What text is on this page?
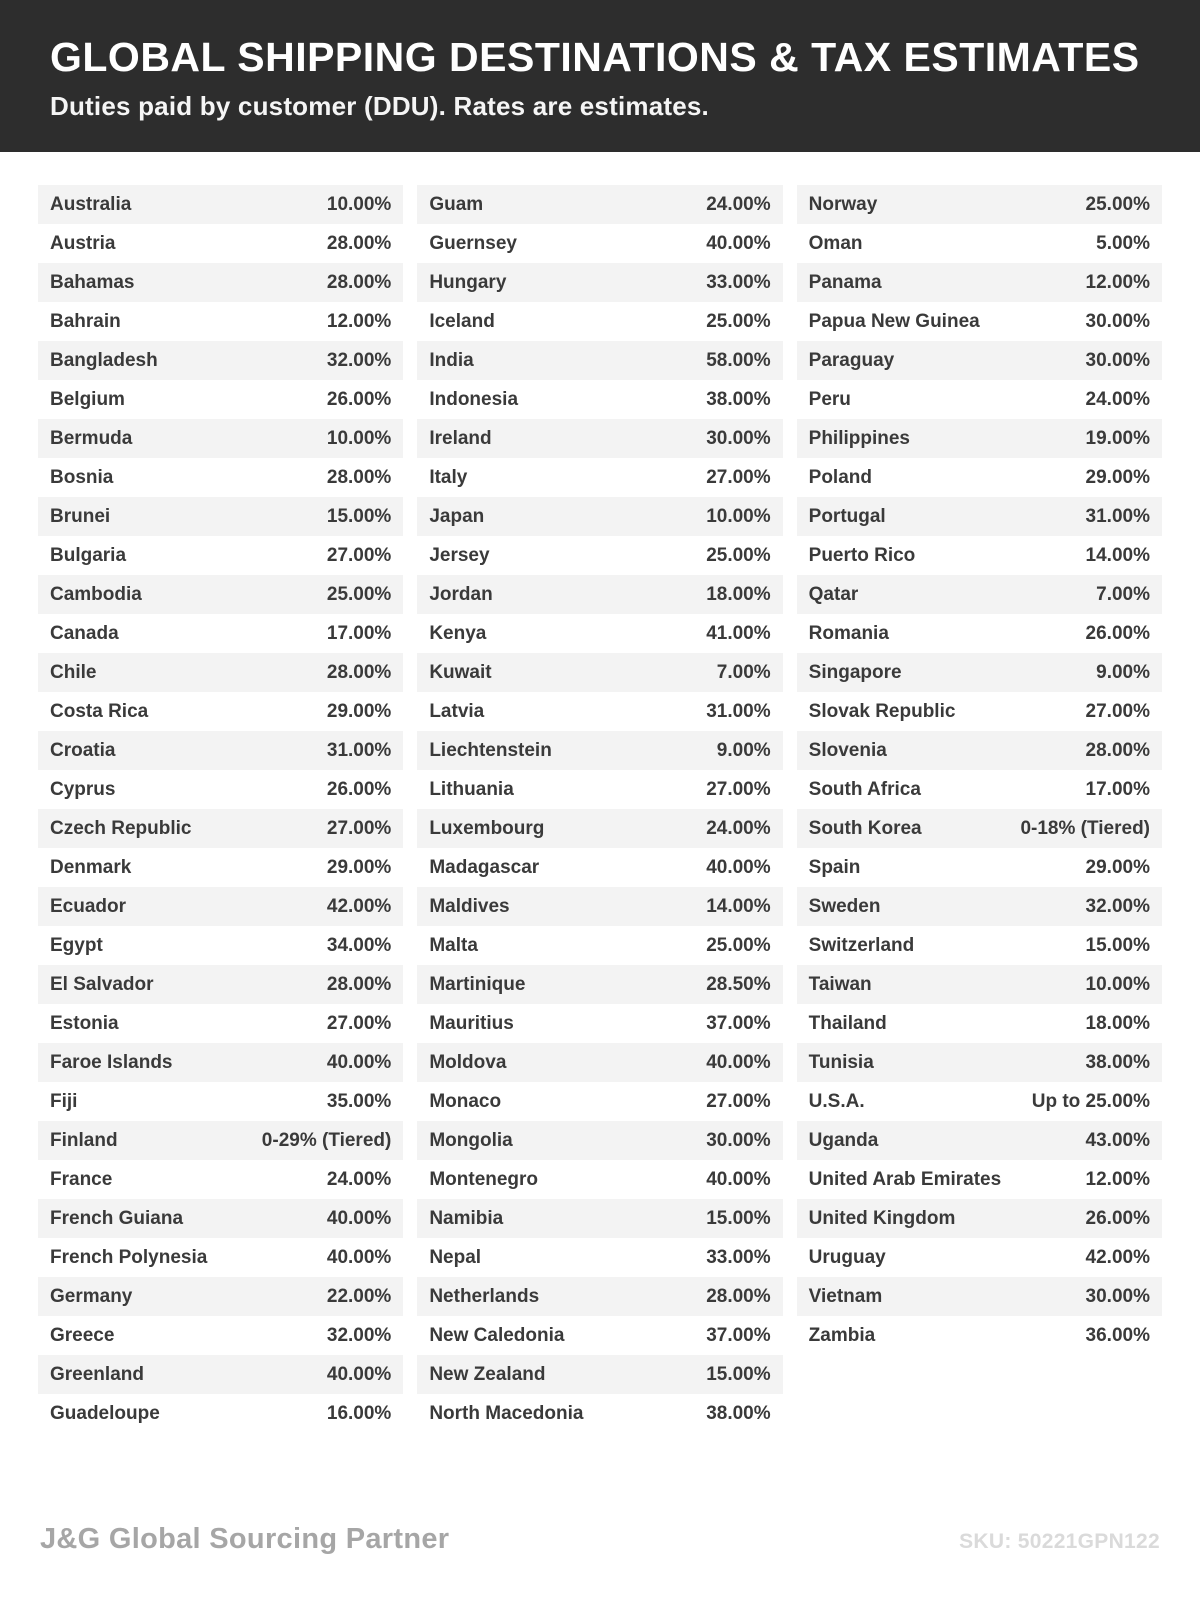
GLOBAL SHIPPING DESTINATIONS & TAX ESTIMATES

Duties paid by customer (DDU). Rates are estimates.

Australia	10.00%
Austria	28.00%
Bahamas	28.00%
Bahrain	12.00%
Bangladesh	32.00%
Belgium	26.00%
Bermuda	10.00%
Bosnia	28.00%
Brunei	15.00%
Bulgaria	27.00%
Cambodia	25.00%
Canada	17.00%
Chile	28.00%
Costa Rica	29.00%
Croatia	31.00%
Cyprus	26.00%
Czech Republic	27.00%
Denmark	29.00%
Ecuador	42.00%
Egypt	34.00%
El Salvador	28.00%
Estonia	27.00%
Faroe Islands	40.00%
Fiji	35.00%
Finland	0-29% (Tiered)
France	24.00%
French Guiana	40.00%
French Polynesia	40.00%
Germany	22.00%
Greece	32.00%
Greenland	40.00%
Guadeloupe	16.00%
Guam	24.00%
Guernsey	40.00%
Hungary	33.00%
Iceland	25.00%
India	58.00%
Indonesia	38.00%
Ireland	30.00%
Italy	27.00%
Japan	10.00%
Jersey	25.00%
Jordan	18.00%
Kenya	41.00%
Kuwait	7.00%
Latvia	31.00%
Liechtenstein	9.00%
Lithuania	27.00%
Luxembourg	24.00%
Madagascar	40.00%
Maldives	14.00%
Malta	25.00%
Martinique	28.50%
Mauritius	37.00%
Moldova	40.00%
Monaco	27.00%
Mongolia	30.00%
Montenegro	40.00%
Namibia	15.00%
Nepal	33.00%
Netherlands	28.00%
New Caledonia	37.00%
New Zealand	15.00%
North Macedonia	38.00%
Norway	25.00%
Oman	5.00%
Panama	12.00%
Papua New Guinea	30.00%
Paraguay	30.00%
Peru	24.00%
Philippines	19.00%
Poland	29.00%
Portugal	31.00%
Puerto Rico	14.00%
Qatar	7.00%
Romania	26.00%
Singapore	9.00%
Slovak Republic	27.00%
Slovenia	28.00%
South Africa	17.00%
South Korea	0-18% (Tiered)
Spain	29.00%
Sweden	32.00%
Switzerland	15.00%
Taiwan	10.00%
Thailand	18.00%
Tunisia	38.00%
U.S.A.	Up to 25.00%
Uganda	43.00%
United Arab Emirates	12.00%
United Kingdom	26.00%
Uruguay	42.00%
Vietnam	30.00%
Zambia	36.00%
J&G Global Sourcing Partner	SKU: 50221GPN122
